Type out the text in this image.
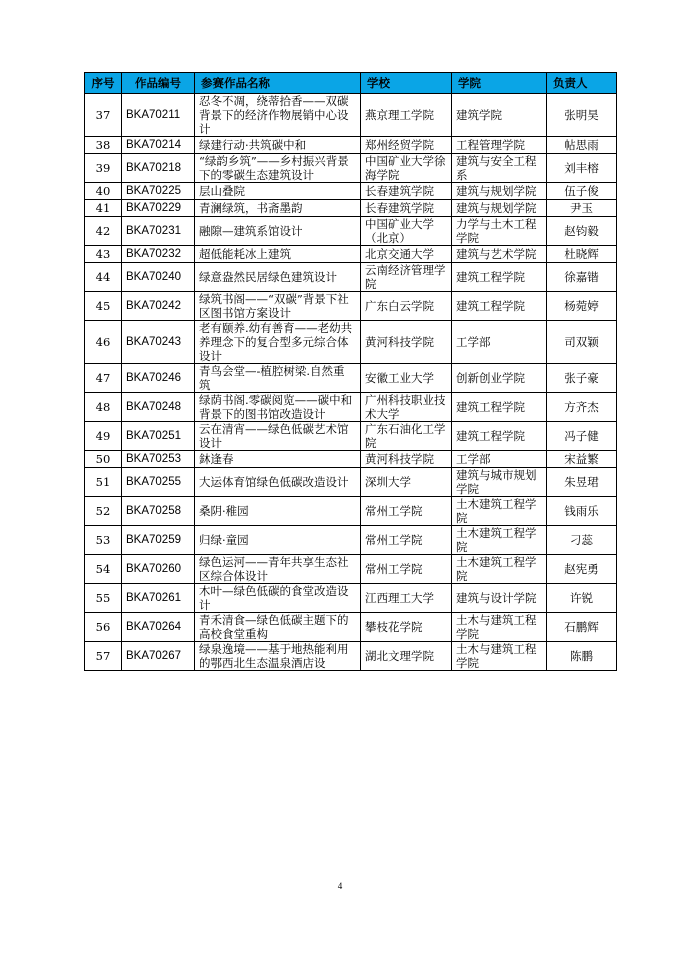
序号	作品编号	参赛作品名称	学校	学院	负责人
37	BKA70211	忍冬不凋，绕蒂拾香——双碳背景下的经济作物展销中心设计	燕京理工学院	建筑学院	张明昊
38	BKA70214	绿建行动·共筑碳中和	郑州经贸学院	工程管理学院	帖思雨
39	BKA70218	“绿韵乡筑”——乡村振兴背景下的零碳生态建筑设计	中国矿业大学徐海学院	建筑与安全工程系	刘丰榕
40	BKA70225	层山叠院	长春建筑学院	建筑与规划学院	伍子俊
41	BKA70229	青澜绿筑，书斋墨韵	长春建筑学院	建筑与规划学院	尹玉
42	BKA70231	融隙—建筑系馆设计	中国矿业大学（北京）	力学与土木工程学院	赵钧毅
43	BKA70232	超低能耗冰上建筑	北京交通大学	建筑与艺术学院	杜晓辉
44	BKA70240	绿意盎然民居绿色建筑设计	云南经济管理学院	建筑工程学院	徐嘉锴
45	BKA70242	绿筑书阁——“双碳”背景下社区图书馆方案设计	广东白云学院	建筑工程学院	杨菀婷
46	BKA70243	老有颐养.幼有善育——老幼共养理念下的复合型多元综合体设计	黄河科技学院	工学部	司双颖
47	BKA70246	青鸟会堂—-植腔树梁.自然重筑	安徽工业大学	创新创业学院	张子豪
48	BKA70248	绿荫书阁.零碳阅览——碳中和背景下的图书馆改造设计	广州科技职业技术大学	建筑工程学院	方齐杰
49	BKA70251	云在清宵——绿色低碳艺术馆设计	广东石油化工学院	建筑工程学院	冯子健
50	BKA70253	鈢逢春	黄河科技学院	工学部	宋益繁
51	BKA70255	大运体育馆绿色低碳改造设计	深圳大学	建筑与城市规划学院	朱昱珺
52	BKA70258	桑阴·稚园	常州工学院	土木建筑工程学院	钱雨乐
53	BKA70259	归绿·童园	常州工学院	土木建筑工程学院	刁蕊
54	BKA70260	绿色运河——青年共享生态社区综合体设计	常州工学院	土木建筑工程学院	赵宪勇
55	BKA70261	木叶—绿色低碳的食堂改造设计	江西理工大学	建筑与设计学院	许锐
56	BKA70264	青禾清食—绿色低碳主题下的高校食堂重构	攀枝花学院	土木与建筑工程学院	石鹏辉
57	BKA70267	绿泉逸境——基于地热能利用的鄂西北生态温泉酒店设	湖北文理学院	土木与建筑工程学院	陈鹏
4
